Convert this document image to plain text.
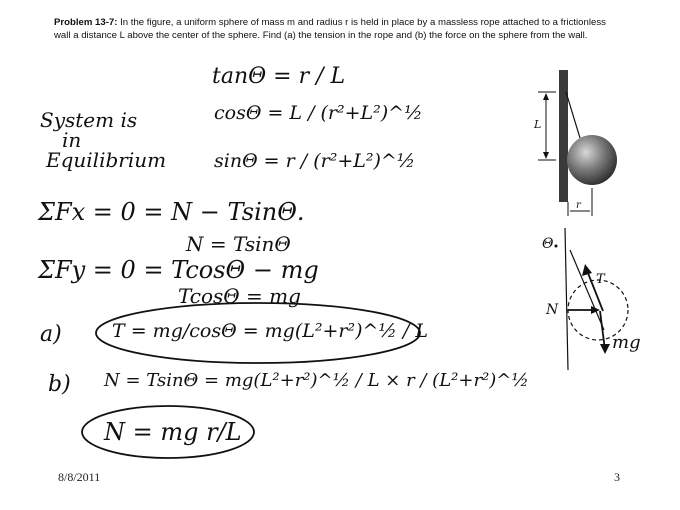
Problem 13-7: In the figure, a uniform sphere of mass m and radius r is held in place by a massless rope attached to a frictionless wall a distance L above the center of the sphere. Find (a) the tension in the rope and (b) the force on the sphere from the wall.
tanΘ = r / L
cosΘ = L / (r²+L²)^½
sinΘ = r / (r²+L²)^½
System is
in
Equilibrium
ΣFx = 0 = N − TsinΘ.
N = TsinΘ
ΣFy = 0 = TcosΘ − mg
TcosΘ = mg
a)	T = mg/cosΘ = mg(L²+r²)^½ / L
b) N = TsinΘ = mg(L²+r²)^½ / L × r / (L²+r²)^½
N = mg r/L
L
r
Θ
T
N
mg
8/8/2011	3
